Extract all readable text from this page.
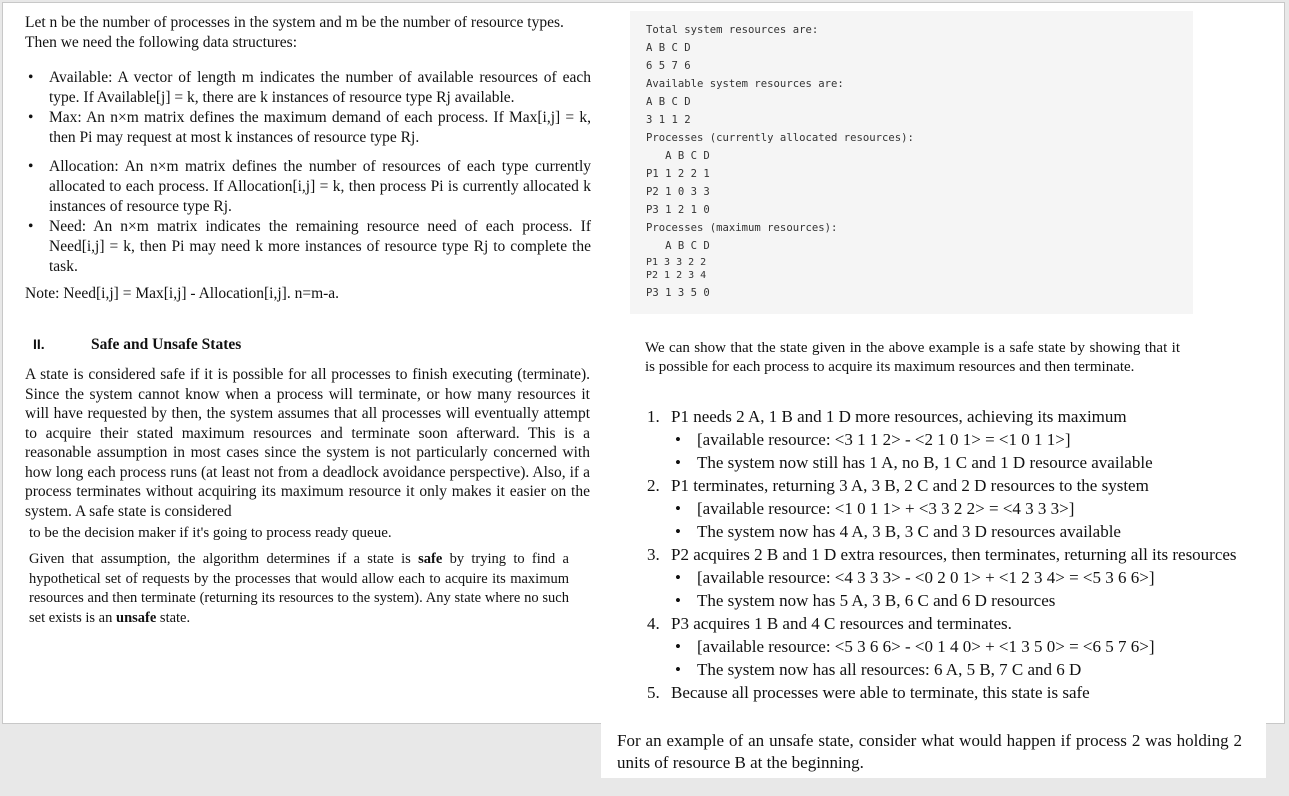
Let n be the number of processes in the system and m be the number of resource types. Then we need the following data structures:
• Available: A vector of length m indicates the number of available resources of each type. If Available[j] = k, there are k instances of resource type Rj available.
• Max: An n×m matrix defines the maximum demand of each process. If Max[i,j] = k, then Pi may request at most k instances of resource type Rj.
• Allocation: An n×m matrix defines the number of resources of each type currently allocated to each process. If Allocation[i,j] = k, then process Pi is currently allocated k instances of resource type Rj.
• Need: An n×m matrix indicates the remaining resource need of each process. If Need[i,j] = k, then Pi may need k more instances of resource type Rj to complete the task.
Note: Need[i,j] = Max[i,j] - Allocation[i,j]. n=m-a.
II.	Safe and Unsafe States
A state is considered safe if it is possible for all processes to finish executing (terminate). Since the system cannot know when a process will terminate, or how many resources it will have requested by then, the system assumes that all processes will eventually attempt to acquire their stated maximum resources and terminate soon afterward. This is a reasonable assumption in most cases since the system is not particularly concerned with how long each process runs (at least not from a deadlock avoidance perspective). Also, if a process terminates without acquiring its maximum resource it only makes it easier on the system. A safe state is considered
to be the decision maker if it's going to process ready queue.
Given that assumption, the algorithm determines if a state is safe by trying to find a hypothetical set of requests by the processes that would allow each to acquire its maximum resources and then terminate (returning its resources to the system). Any state where no such set exists is an unsafe state.
Total system resources are:
A B C D
6 5 7 6
Available system resources are:
A B C D
3 1 1 2
Processes (currently allocated resources):
A B C D
P1 1 2 2 1
P2 1 0 3 3
P3 1 2 1 0
Processes (maximum resources):
A B C D
P1 3 3 2 2
P2 1 2 3 4
P3 1 3 5 0
We can show that the state given in the above example is a safe state by showing that it is possible for each process to acquire its maximum resources and then terminate.
1. P1 needs 2 A, 1 B and 1 D more resources, achieving its maximum
• [available resource: <3 1 1 2> - <2 1 0 1> = <1 0 1 1>]
• The system now still has 1 A, no B, 1 C and 1 D resource available
2. P1 terminates, returning 3 A, 3 B, 2 C and 2 D resources to the system
• [available resource: <1 0 1 1> + <3 3 2 2> = <4 3 3 3>]
• The system now has 4 A, 3 B, 3 C and 3 D resources available
3. P2 acquires 2 B and 1 D extra resources, then terminates, returning all its resources
• [available resource: <4 3 3 3> - <0 2 0 1> + <1 2 3 4> = <5 3 6 6>]
• The system now has 5 A, 3 B, 6 C and 6 D resources
4. P3 acquires 1 B and 4 C resources and terminates.
• [available resource: <5 3 6 6> - <0 1 4 0> + <1 3 5 0> = <6 5 7 6>]
• The system now has all resources: 6 A, 5 B, 7 C and 6 D
5. Because all processes were able to terminate, this state is safe
For an example of an unsafe state, consider what would happen if process 2 was holding 2 units of resource B at the beginning.
